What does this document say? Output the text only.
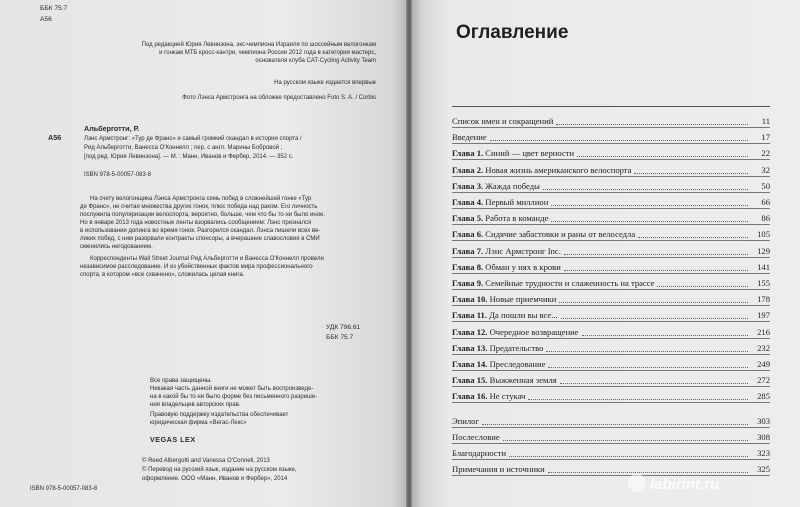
ББК 75.7
А56
Под редакцией Юрия Левинзона, экс-чемпиона Израиля по шоссейным велогонкам
и гонкам МТБ кросс-кантри, чемпиона России 2012 года в категории мастерс,
основателя клуба CAT-Cycling Activity Team
На русском языке издается впервые
Фото Лэнса Армстронга на обложке предоставлено Foto S. A. / Corbis
Альберготти, Р.
А56	Лэнс Армстронг: «Тур де Франс» и самый громкий скандал в истории спорта /
Рид Альберготти, Ванесса О'Коннелл ; пер. с англ. Марины Бобровой ;
[под ред. Юрия Левинзона]. — М. : Манн, Иванов и Фербер, 2014. — 352 с.
ISBN 978-5-00057-083-8
На счету велогонщика Лэнса Армстронга семь побед в сложнейшей гонке «Тур
де Франс», не считая множества других гонок, плюс победа над раком. Его личность
послужила популяризации велоспорта, вероятно, больше, чем что бы то ни было иное.
Но в январе 2013 года новостные ленты взорвались сообщением: Лэнс признался
в использовании допинга во время гонок. Разгорелся скандал. Лэнса пишели всех ве-
ликих побед, с ним разорвали контракты спонсоры, а вчерашние славословия в СМИ
сменились негодованием.
Корреспонденты Wall Street Journal Рид Альберготти и Ванесса О'Коннелл провели
независимое расследование. И из убийственных фактов мира профессионального
спорта, в котором «все схвачено», сложилась целая книга.
УДК 796.61
ББК 75.7
Все права защищены.
Никакая часть данной книги не может быть воспроизведе-
на в какой бы то ни было форме без письменного разреше-
ния владельцев авторских прав.
Правовую поддержку издательства обеспечивает
юридическая фирма «Вегас-Лекс»
VEGAS LEX
© Reed Albergotti and Vanessa O'Connell, 2013
© Перевод на русский язык, издание на русском языке,
оформление. ООО «Манн, Иванов и Фербер», 2014
ISBN 978-5-00057-083-8
Оглавление
Список имен и сокращений	11
Введение	17
Глава 1. Синий — цвет верности	22
Глава 2. Новая жизнь американского велоспорта	32
Глава 3. Жажда победы	50
Глава 4. Первый миллион	66
Глава 5. Работа в команде	86
Глава 6. Сидячие забастовки и раны от велоседла	105
Глава 7. Лэнс Армстронг Inc.	129
Глава 8. Обман у нях в крови	141
Глава 9. Семейные трудности и слаженность на трассе	155
Глава 10. Новые приемчики	178
Глава 11. Да пошли вы все...	197
Глава 12. Очередное возвращение	216
Глава 13. Предательство	232
Глава 14. Преследование	249
Глава 15. Выжженная земля	272
Глава 16. Не стукач	285
Эпилог	303
Послесловие	308
Благодарности	323
Примечания и источники	325
labirint.ru
